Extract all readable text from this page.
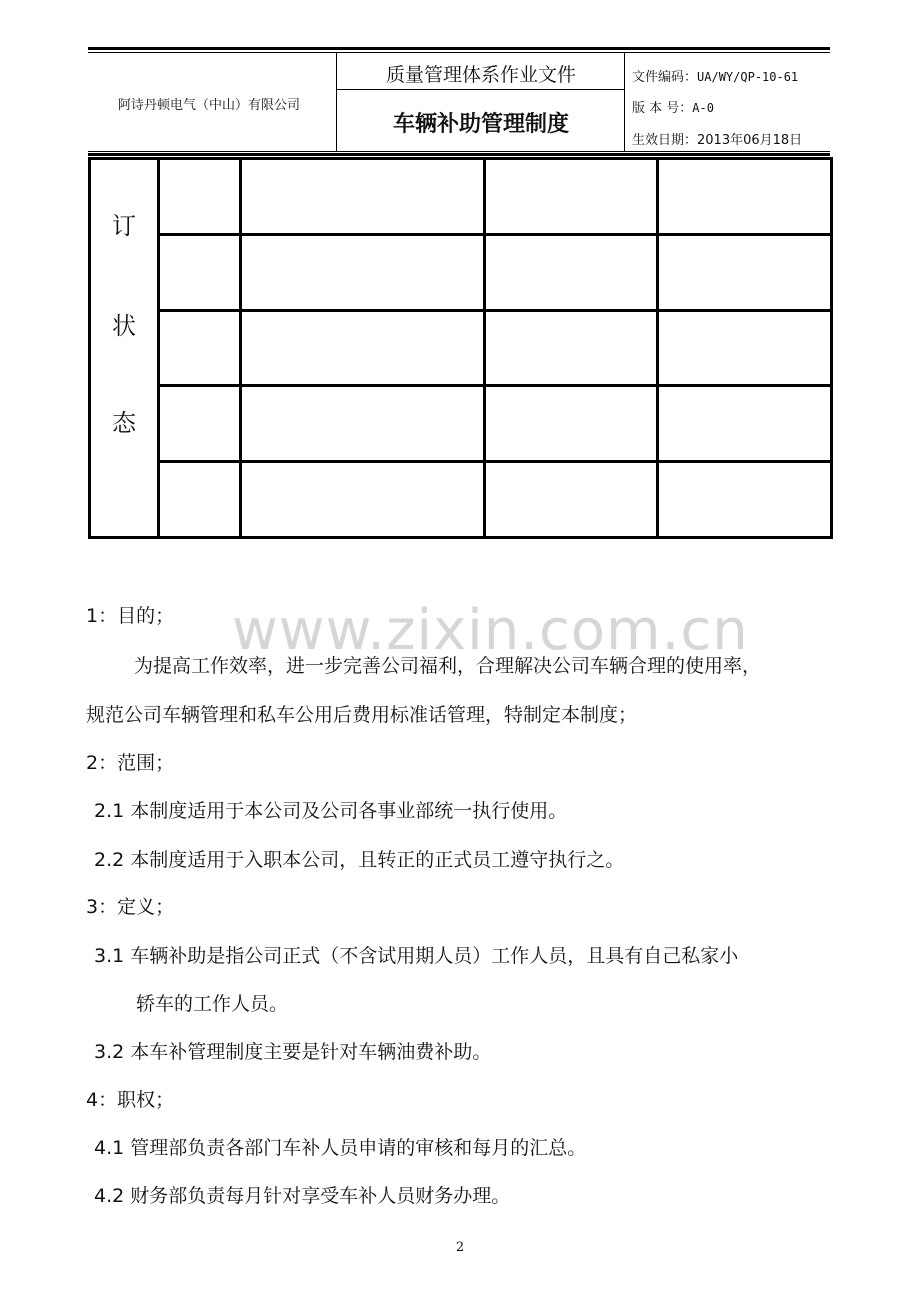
阿诗丹顿电气（中山）有限公司
质量管理体系作业文件
车辆补助管理制度
文件编码：UA/WY/QP-10-61
版 本 号：A-0
生效日期：2013年06月18日
订
状
态				

www.zixin.com.cn
1：目的；
为提高工作效率，进一步完善公司福利，合理解决公司车辆合理的使用率，
规范公司车辆管理和私车公用后费用标准话管理，特制定本制度；
2：范围；
2.1 本制度适用于本公司及公司各事业部统一执行使用。
2.2 本制度适用于入职本公司，且转正的正式员工遵守执行之。
3：定义；
3.1 车辆补助是指公司正式（不含试用期人员）工作人员，且具有自己私家小
轿车的工作人员。
3.2 本车补管理制度主要是针对车辆油费补助。
4：职权；
4.1 管理部负责各部门车补人员申请的审核和每月的汇总。
4.2 财务部负责每月针对享受车补人员财务办理。
2
